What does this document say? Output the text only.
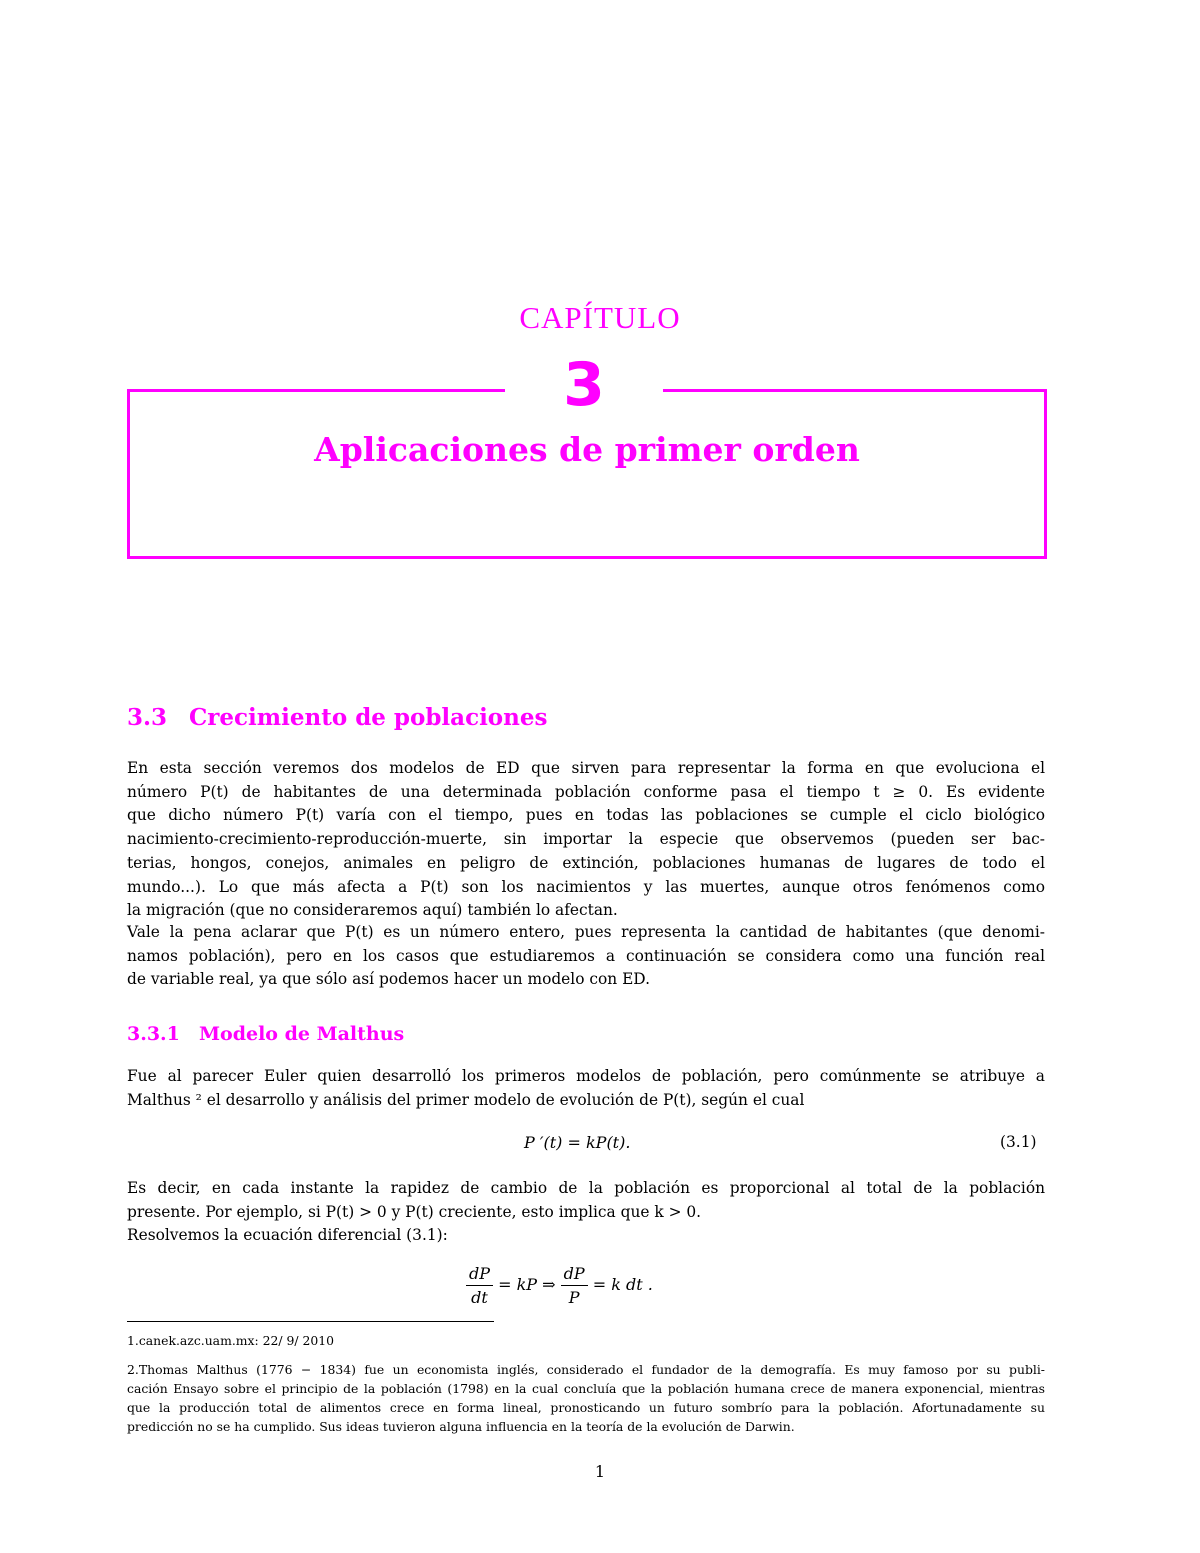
CAPÍTULO
3
Aplicaciones de primer orden
3.3 Crecimiento de poblaciones
En esta sección veremos dos modelos de ED que sirven para representar la forma en que evoluciona el
número P(t) de habitantes de una determinada población conforme pasa el tiempo t ≥ 0. Es evidente
que dicho número P(t) varía con el tiempo, pues en todas las poblaciones se cumple el ciclo biológico
nacimiento-crecimiento-reproducción-muerte, sin importar la especie que observemos (pueden ser bac-
terias, hongos, conejos, animales en peligro de extinción, poblaciones humanas de lugares de todo el
mundo...). Lo que más afecta a P(t) son los nacimientos y las muertes, aunque otros fenómenos como
la migración (que no consideraremos aquí) también lo afectan.
Vale la pena aclarar que P(t) es un número entero, pues representa la cantidad de habitantes (que denomi-
namos población), pero en los casos que estudiaremos a continuación se considera como una función real
de variable real, ya que sólo así podemos hacer un modelo con ED.
3.3.1 Modelo de Malthus
Fue al parecer Euler quien desarrolló los primeros modelos de población, pero comúnmente se atribuye a
Malthus ² el desarrollo y análisis del primer modelo de evolución de P(t), según el cual
P ′(t) = kP(t).	(3.1)
Es decir, en cada instante la rapidez de cambio de la población es proporcional al total de la población
presente. Por ejemplo, si P(t) > 0 y P(t) creciente, esto implica que k > 0.
Resolvemos la ecuación diferencial (3.1):
$\frac{dP}{dt}$ = kP ⇒ $\frac{dP}{P} = k$ dt .
1.canek.azc.uam.mx: 22/ 9/ 2010
2.Thomas Malthus (1776 − 1834) fue un economista inglés, considerado el fundador de la demografía. Es muy famoso por su publi-
cación Ensayo sobre el principio de la población (1798) en la cual concluía que la población humana crece de manera exponencial, mientras
que la producción total de alimentos crece en forma lineal, pronosticando un futuro sombrío para la población. Afortunadamente su
predicción no se ha cumplido. Sus ideas tuvieron alguna influencia en la teoría de la evolución de Darwin.
1
